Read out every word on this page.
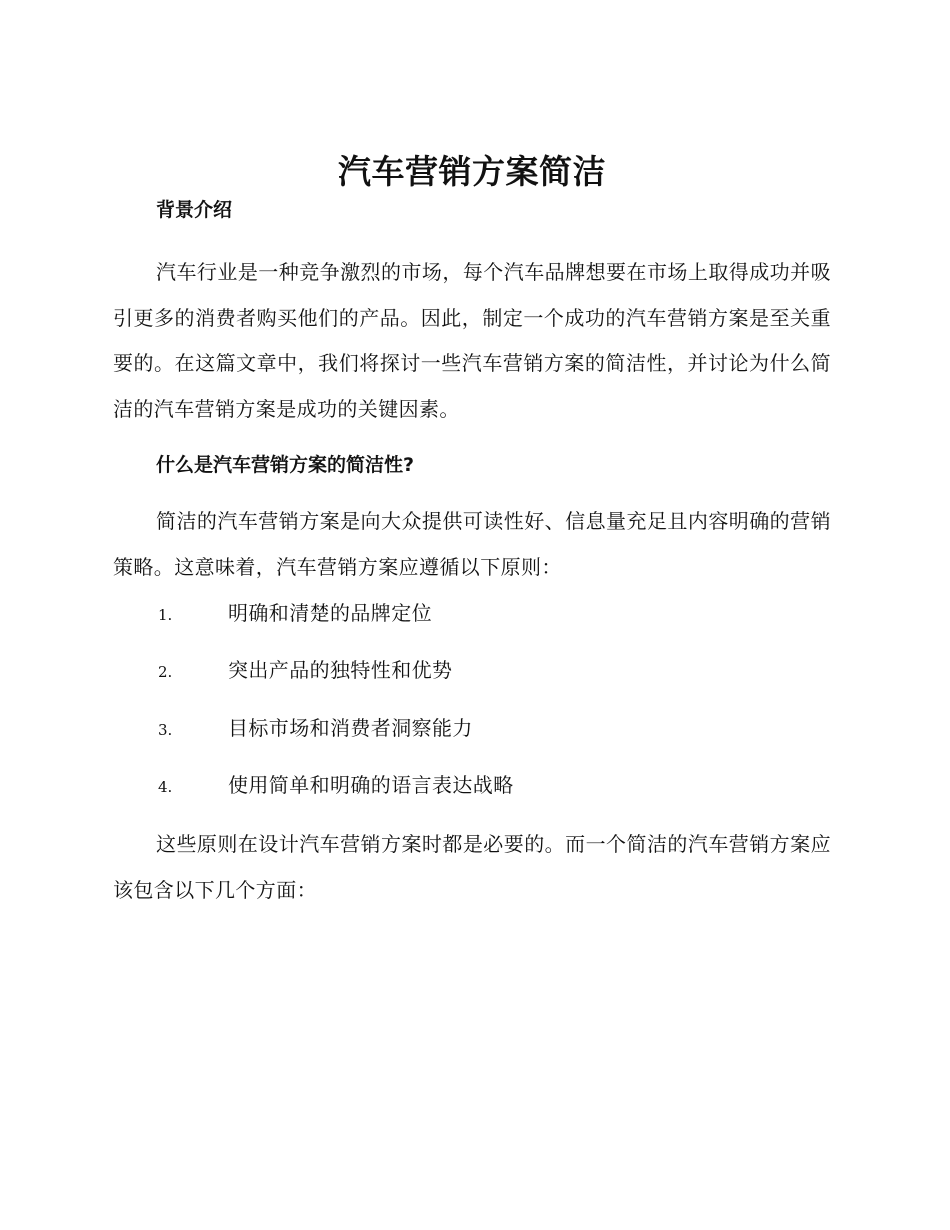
汽车营销方案简洁
背景介绍

汽车行业是一种竞争激烈的市场，每个汽车品牌想要在市场上取得成功并吸引更多的消费者购买他们的产品。因此，制定一个成功的汽车营销方案是至关重要的。在这篇文章中，我们将探讨一些汽车营销方案的简洁性，并讨论为什么简洁的汽车营销方案是成功的关键因素。

什么是汽车营销方案的简洁性?

简洁的汽车营销方案是向大众提供可读性好、信息量充足且内容明确的营销策略。这意味着，汽车营销方案应遵循以下原则：

1.	明确和清楚的品牌定位
2.	突出产品的独特性和优势
3.	目标市场和消费者洞察能力
4.	使用简单和明确的语言表达战略

这些原则在设计汽车营销方案时都是必要的。而一个简洁的汽车营销方案应该包含以下几个方面：
